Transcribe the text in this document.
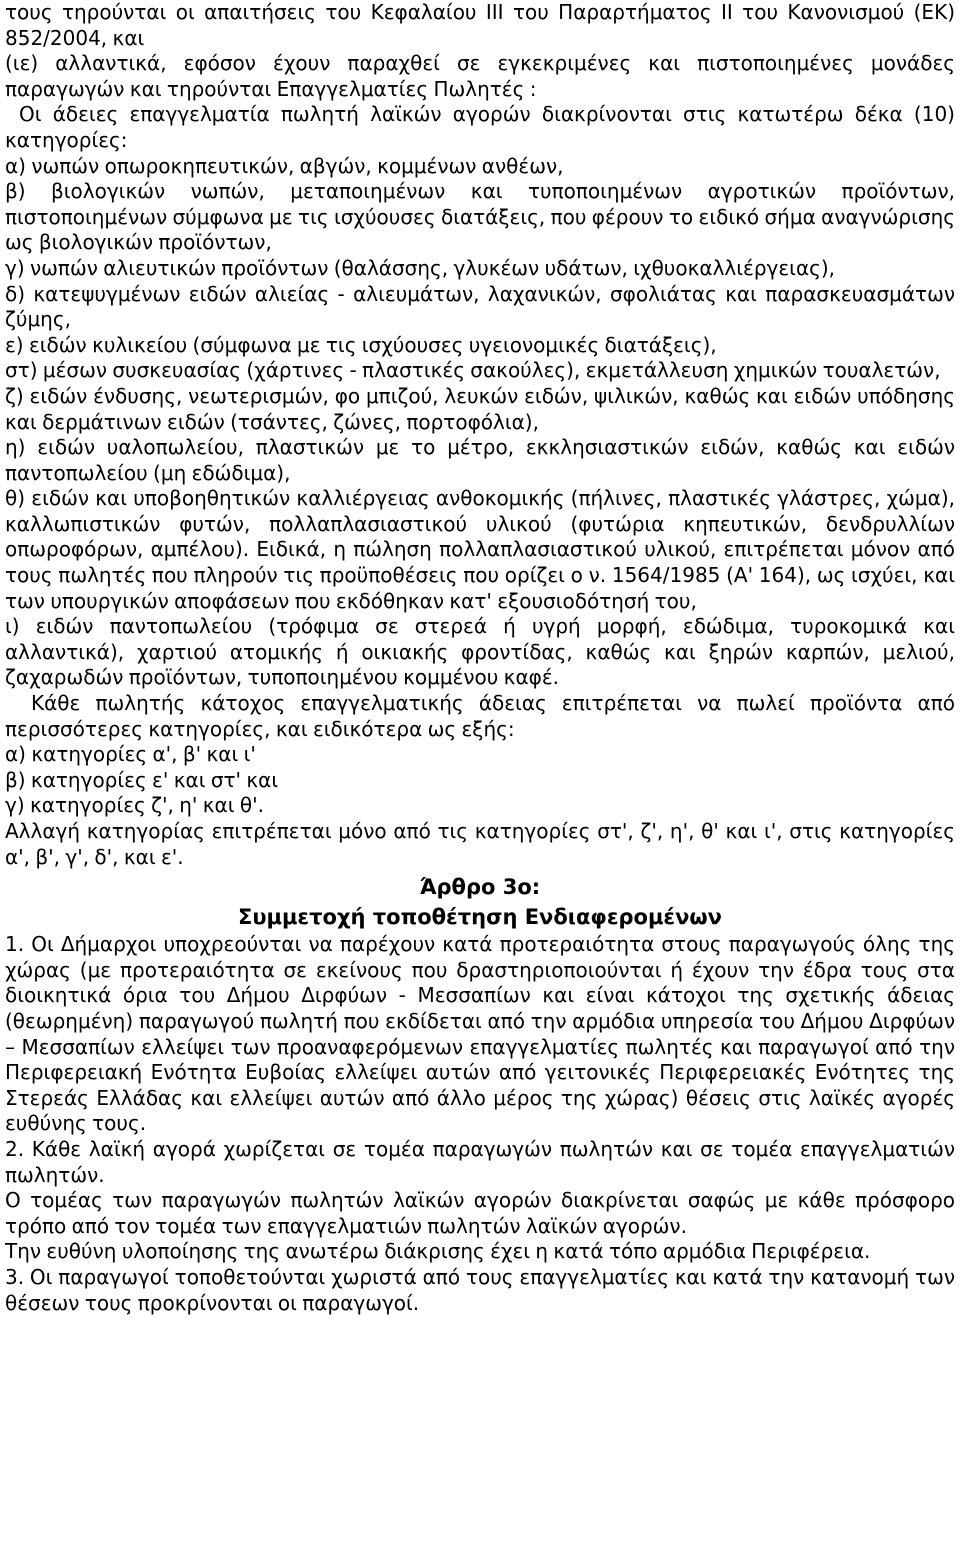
τους τηρούνται οι απαιτήσεις του Κεφαλαίου ΙΙΙ του Παραρτήματος ΙΙ του Κανονισμού (ΕΚ) 852/2004, και

(ιε) αλλαντικά, εφόσον έχουν παραχθεί σε εγκεκριμένες και πιστοποιημένες μονάδες παραγωγών και τηρούνται Επαγγελματίες Πωλητές :

Οι άδειες επαγγελματία πωλητή λαϊκών αγορών διακρίνονται στις κατωτέρω δέκα (10) κατηγορίες:

α) νωπών οπωροκηπευτικών, αβγών, κομμένων ανθέων,

β) βιολογικών νωπών, μεταποιημένων και τυποποιημένων αγροτικών προϊόντων, πιστοποιημένων σύμφωνα με τις ισχύουσες διατάξεις, που φέρουν το ειδικό σήμα αναγνώρισης ως βιολογικών προϊόντων,

γ) νωπών αλιευτικών προϊόντων (θαλάσσης, γλυκέων υδάτων, ιχθυοκαλλιέργειας),

δ) κατεψυγμένων ειδών αλιείας - αλιευμάτων, λαχανικών, σφολιάτας και παρασκευασμάτων ζύμης,

ε) ειδών κυλικείου (σύμφωνα με τις ισχύουσες υγειονομικές διατάξεις),

στ) μέσων συσκευασίας (χάρτινες - πλαστικές σακούλες), εκμετάλλευση χημικών τουαλετών,

ζ) ειδών ένδυσης, νεωτερισμών, φο μπιζού, λευκών ειδών, ψιλικών, καθώς και ειδών υπόδησης και δερμάτινων ειδών (τσάντες, ζώνες, πορτοφόλια),

η) ειδών υαλοπωλείου, πλαστικών με το μέτρο, εκκλησιαστικών ειδών, καθώς και ειδών παντοπωλείου (μη εδώδιμα),

θ) ειδών και υποβοηθητικών καλλιέργειας ανθοκομικής (πήλινες, πλαστικές γλάστρες, χώμα), καλλωπιστικών φυτών, πολλαπλασιαστικού υλικού (φυτώρια κηπευτικών, δενδρυλλίων οπωροφόρων, αμπέλου). Ειδικά, η πώληση πολλαπλασιαστικού υλικού, επιτρέπεται μόνον από τους πωλητές που πληρούν τις προϋποθέσεις που ορίζει ο ν. 1564/1985 (Α' 164), ως ισχύει, και των υπουργικών αποφάσεων που εκδόθηκαν κατ' εξουσιοδότησή του,

ι) ειδών παντοπωλείου (τρόφιμα σε στερεά ή υγρή μορφή, εδώδιμα, τυροκομικά και αλλαντικά), χαρτιού ατομικής ή οικιακής φροντίδας, καθώς και ξηρών καρπών, μελιού, ζαχαρωδών προϊόντων, τυποποιημένου κομμένου καφέ.

Κάθε πωλητής κάτοχος επαγγελματικής άδειας επιτρέπεται να πωλεί προϊόντα από περισσότερες κατηγορίες, και ειδικότερα ως εξής:

α) κατηγορίες α', β' και ι'

β) κατηγορίες ε' και στ' και

γ) κατηγορίες ζ', η' και θ'.

Αλλαγή κατηγορίας επιτρέπεται μόνο από τις κατηγορίες στ', ζ', η', θ' και ι', στις κατηγορίες α', β', γ', δ', και ε'.

Άρθρο 3ο:

Συμμετοχή τοποθέτηση Ενδιαφερομένων

1. Οι Δήμαρχοι υποχρεούνται να παρέχουν κατά προτεραιότητα στους παραγωγούς όλης της χώρας (με προτεραιότητα σε εκείνους που δραστηριοποιούνται ή έχουν την έδρα τους στα διοικητικά όρια του Δήμου Διρφύων - Μεσσαπίων και είναι κάτοχοι της σχετικής άδειας (θεωρημένη) παραγωγού πωλητή που εκδίδεται από την αρμόδια υπηρεσία του Δήμου Διρφύων – Μεσσαπίων ελλείψει των προαναφερόμενων επαγγελματίες πωλητές και παραγωγοί από την Περιφερειακή Ενότητα Ευβοίας ελλείψει αυτών από γειτονικές Περιφερειακές Ενότητες της Στερεάς Ελλάδας και ελλείψει αυτών από άλλο μέρος της χώρας) θέσεις στις λαϊκές αγορές ευθύνης τους.

2. Κάθε λαϊκή αγορά χωρίζεται σε τομέα παραγωγών πωλητών και σε τομέα επαγγελματιών πωλητών.

Ο τομέας των παραγωγών πωλητών λαϊκών αγορών διακρίνεται σαφώς με κάθε πρόσφορο τρόπο από τον τομέα των επαγγελματιών πωλητών λαϊκών αγορών.

Την ευθύνη υλοποίησης της ανωτέρω διάκρισης έχει η κατά τόπο αρμόδια Περιφέρεια.

3. Οι παραγωγοί τοποθετούνται χωριστά από τους επαγγελματίες και κατά την κατανομή των θέσεων τους προκρίνονται οι παραγωγοί.
